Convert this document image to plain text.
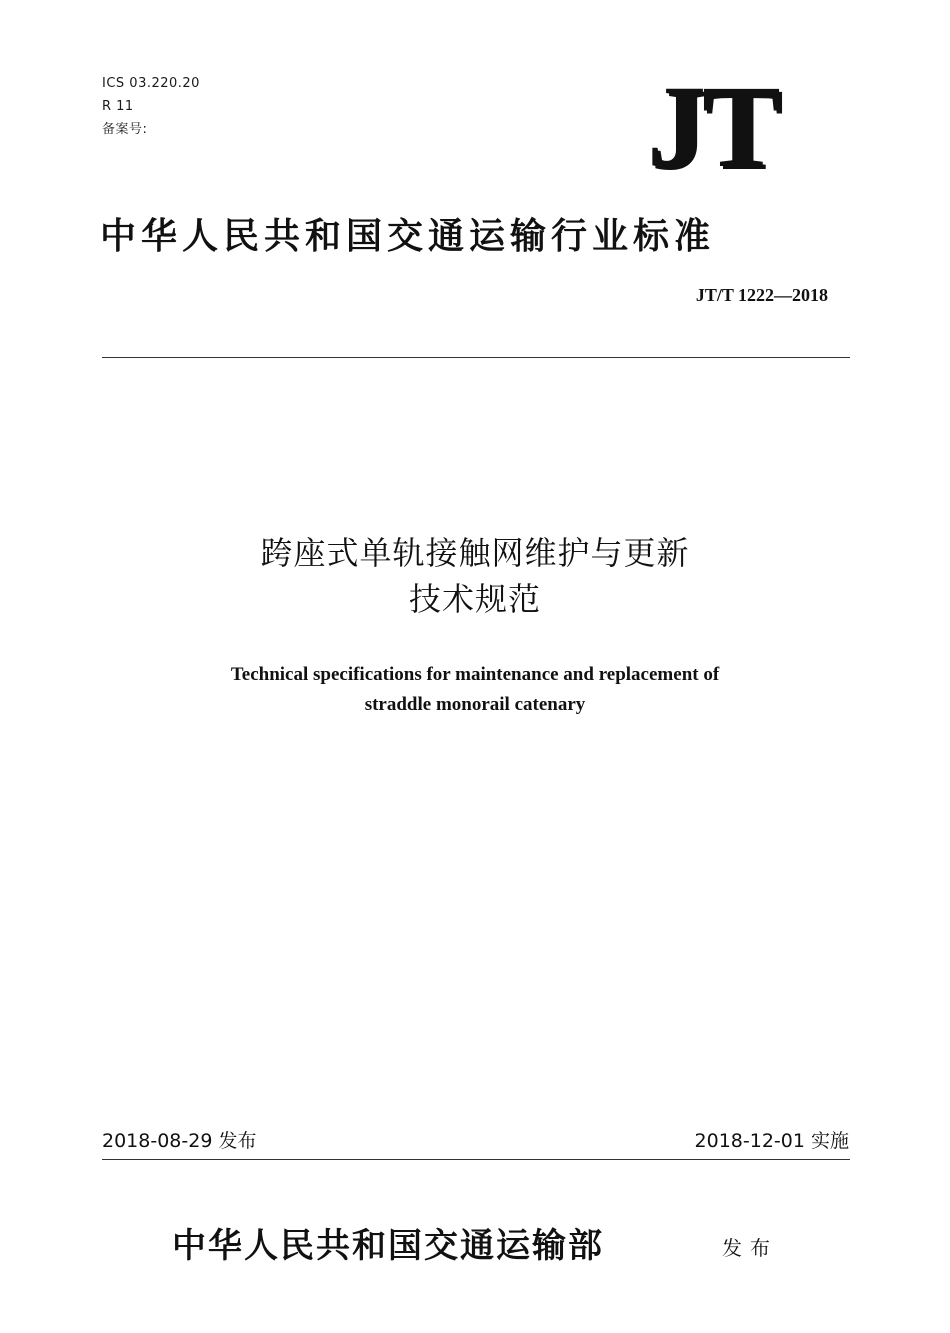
ICS 03.220.20
R 11
备案号:	JT
中华人民共和国交通运输行业标准
JT/T 1222—2018
跨座式单轨接触网维护与更新
技术规范
Technical specifications for maintenance and replacement of
straddle monorail catenary
2018-08-29 发布	2018-12-01 实施
中华人民共和国交通运输部	发布
